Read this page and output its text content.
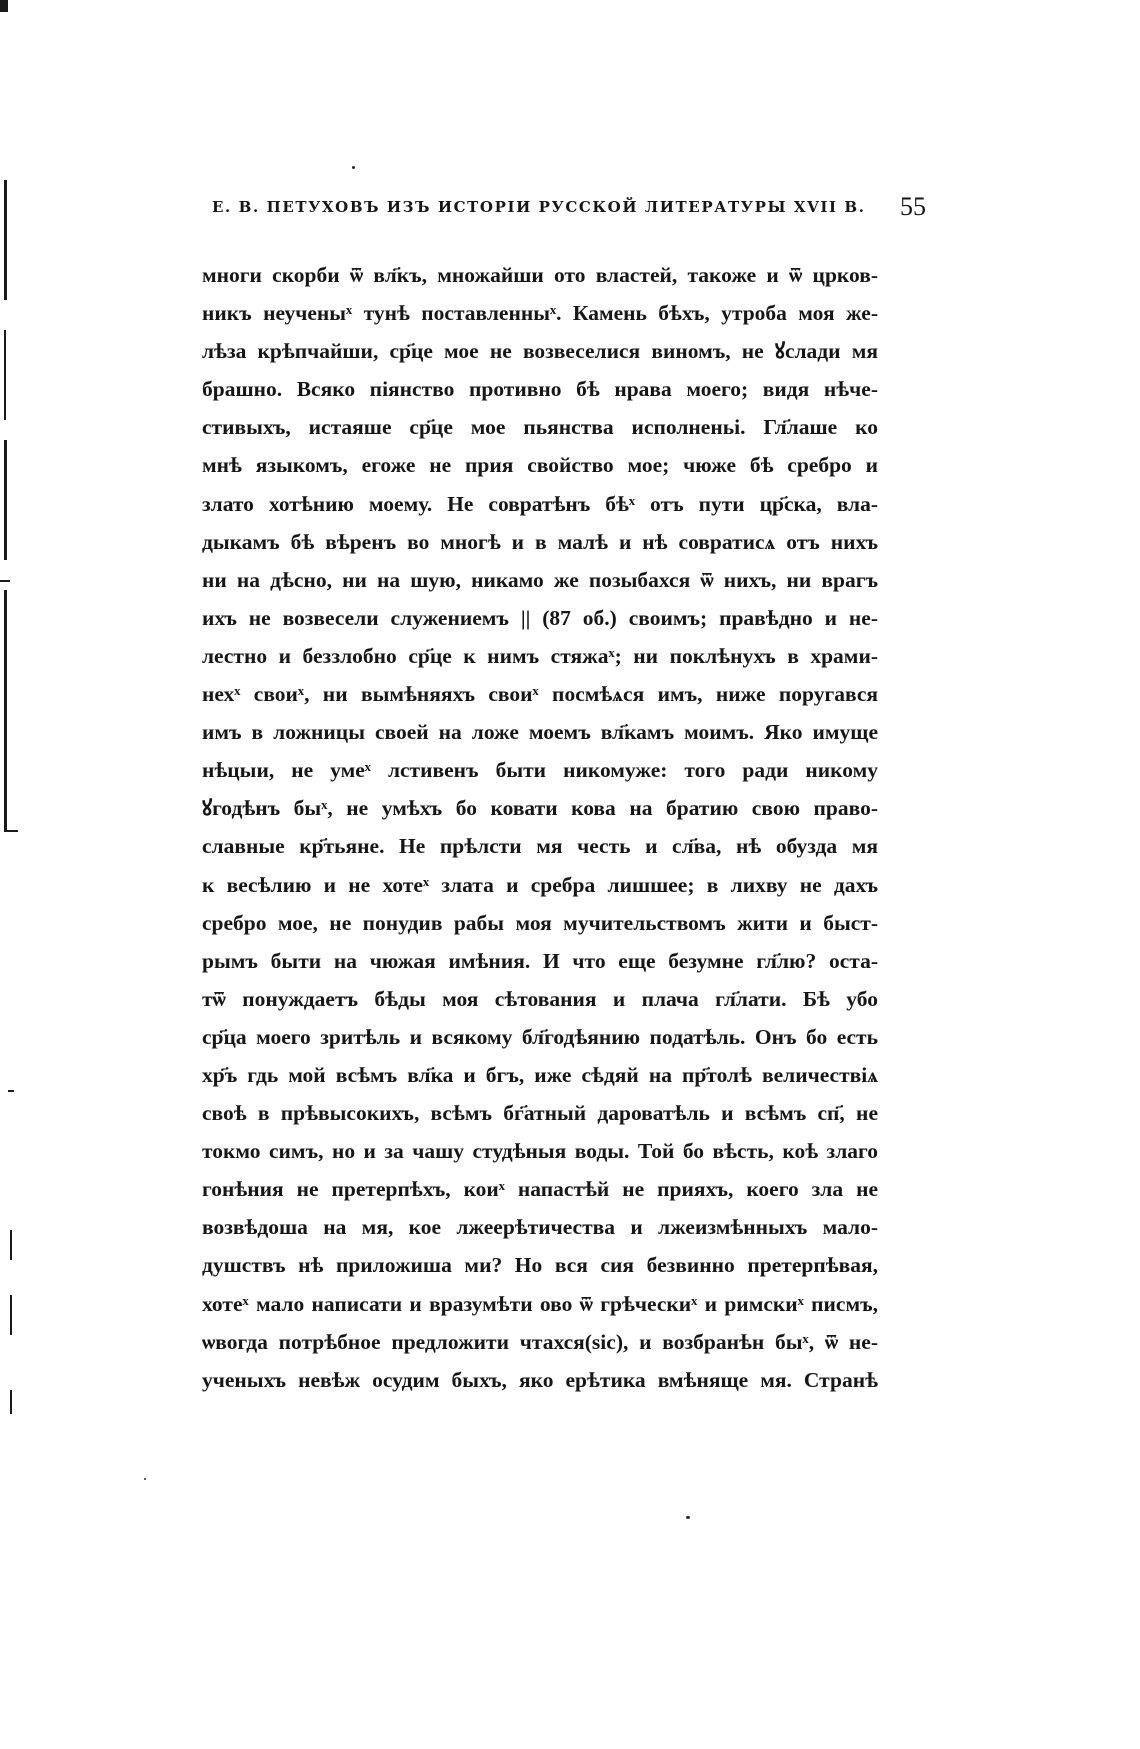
Е. В. ПЕТУХОВЪ ИЗЪ ИСТОРІИ РУССКОЙ ЛИТЕРАТУРЫ XVII В. 55
многи скорби ѿ вл҃къ, множайши ото властей, такоже и ѿ црков-
никъ неученыˣ тунѣ поставленныˣ. Камень бѣхъ, утроба моя же-
лѣза крѣпчайши, ср҃це мое не возвеселися виномъ, не ꙋслади мя
брашно. Всяко піянство противно бѣ нрава моего; видя нѣче-
стивыхъ, истаяше ср҃це мое пьянства исполненьі. Гл҃лаше ко
мнѣ языкомъ, егоже не прия свойство мое; чюже бѣ сребро и
злато хотѣнию моему. Не совратѣнъ бѣˣ отъ пути цр҃ска, вла-
дыкамъ бѣ вѣренъ во многѣ и в малѣ и нѣ совратисѧ отъ нихъ
ни на дѣсно, ни на шую, никамо же позыбахся ѿ нихъ, ни врагъ
ихъ не возвесели служениемъ || (87 об.) своимъ; правѣдно и не-
лестно и беззлобно ср҃це к нимъ стяжаˣ; ни поклѣнухъ в храми-
нехˣ своиˣ, ни вымѣняяхъ своиˣ посмѣѧся имъ, ниже поругався
имъ в ложницы своей на ложе моемъ вл҃камъ моимъ. Яко имуще
нѣцыи, не умеˣ лстивенъ быти никомуже: того ради никому
ꙋгодѣнъ быˣ, не умѣхъ бо ковати кова на братию свою право-
славные кр҃тьяне. Не прѣлсти мя честь и сл҃ва, нѣ обузда мя
к весѣлию и не хотеˣ злата и сребра лишшее; в лихву не дахъ
сребро мое, не понудив рабы моя мучительствомъ жити и быст-
рымъ быти на чюжая имѣния. И что еще безумне гл҃лю? оста-
тѿ понуждаетъ бѣды моя сѣтования и плача гл҃лати. Бѣ убо
ср҃ца моего зритѣль и всякому бл҃годѣянию податѣль. Онъ бо есть
хр҃ъ гдь мой всѣмъ вл҃ка и бгъ, иже сѣдяй на пр҃толѣ величествіѧ
своѣ в прѣвысокихъ, всѣмъ бг҃атный дароватѣль и всѣмъ сп҃, не
токмо симъ, но и за чашу студѣныя воды. Той бо вѣсть, коѣ злаго
гонѣния не претерпѣхъ, коиˣ напастѣй не прияхъ, коего зла не
возвѣдоша на мя, кое лжеерѣтичества и лжеизмѣнныхъ мало-
душствъ нѣ приложиша ми? Но вся сия безвинно претерпѣвая,
хотеˣ мало написати и вразумѣти ово ѿ грѣческиˣ и римскиˣ писмъ,
ѡвогда потрѣбное предложити чтахся(sic), и возбранѣн быˣ, ѿ не-
ученыхъ невѣж осудим быхъ, яко ерѣтика вмѣняще мя. Странѣ
